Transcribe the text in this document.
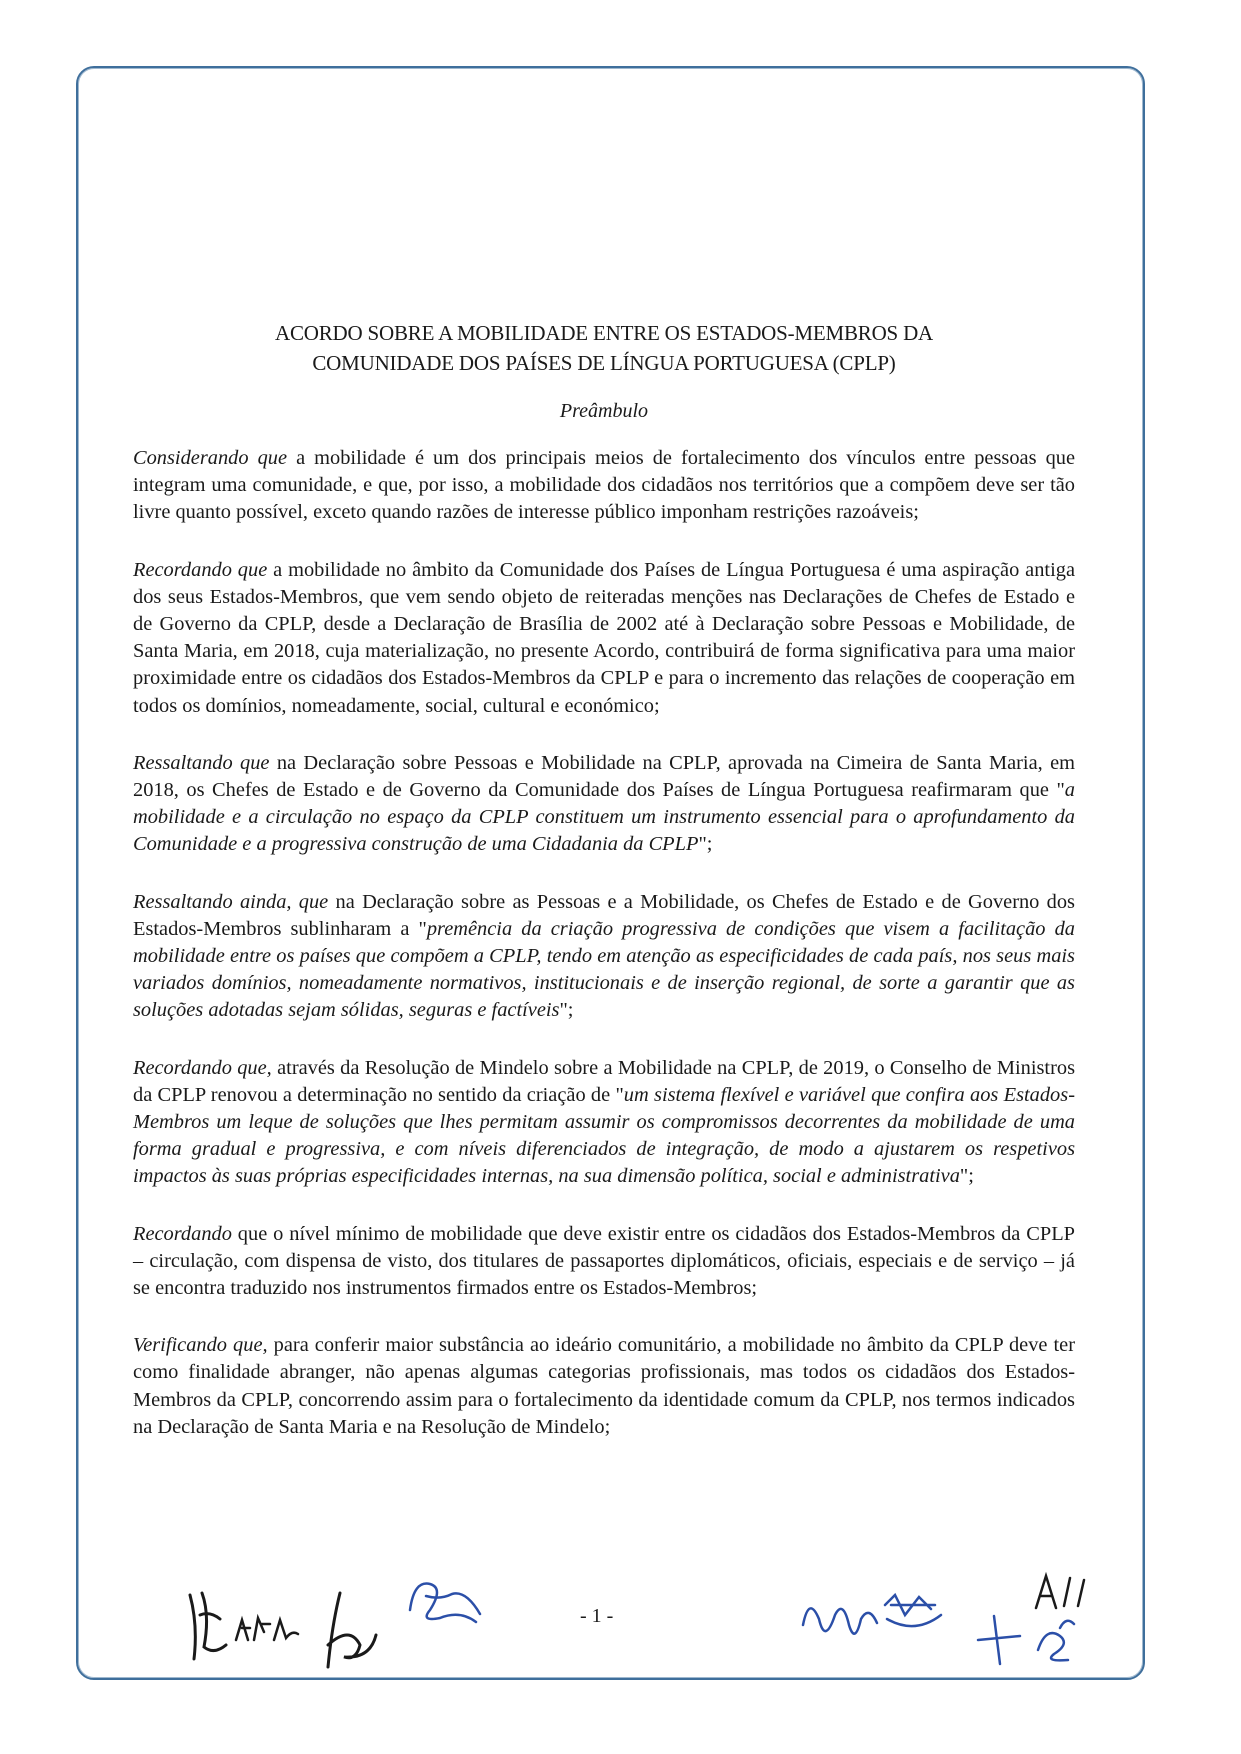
ACORDO SOBRE A MOBILIDADE ENTRE OS ESTADOS-MEMBROS DA
COMUNIDADE DOS PAÍSES DE LÍNGUA PORTUGUESA (CPLP)
Preâmbulo

Considerando que a mobilidade é um dos principais meios de fortalecimento dos vínculos entre pessoas que integram uma comunidade, e que, por isso, a mobilidade dos cidadãos nos territórios que a compõem deve ser tão livre quanto possível, exceto quando razões de interesse público imponham restrições razoáveis;

Recordando que a mobilidade no âmbito da Comunidade dos Países de Língua Portuguesa é uma aspiração antiga dos seus Estados-Membros, que vem sendo objeto de reiteradas menções nas Declarações de Chefes de Estado e de Governo da CPLP, desde a Declaração de Brasília de 2002 até à Declaração sobre Pessoas e Mobilidade, de Santa Maria, em 2018, cuja materialização, no presente Acordo, contribuirá de forma significativa para uma maior proximidade entre os cidadãos dos Estados-Membros da CPLP e para o incremento das relações de cooperação em todos os domínios, nomeadamente, social, cultural e económico;

Ressaltando que na Declaração sobre Pessoas e Mobilidade na CPLP, aprovada na Cimeira de Santa Maria, em 2018, os Chefes de Estado e de Governo da Comunidade dos Países de Língua Portuguesa reafirmaram que "a mobilidade e a circulação no espaço da CPLP constituem um instrumento essencial para o aprofundamento da Comunidade e a progressiva construção de uma Cidadania da CPLP";

Ressaltando ainda, que na Declaração sobre as Pessoas e a Mobilidade, os Chefes de Estado e de Governo dos Estados-Membros sublinharam a "premência da criação progressiva de condições que visem a facilitação da mobilidade entre os países que compõem a CPLP, tendo em atenção as especificidades de cada país, nos seus mais variados domínios, nomeadamente normativos, institucionais e de inserção regional, de sorte a garantir que as soluções adotadas sejam sólidas, seguras e factíveis";

Recordando que, através da Resolução de Mindelo sobre a Mobilidade na CPLP, de 2019, o Conselho de Ministros da CPLP renovou a determinação no sentido da criação de "um sistema flexível e variável que confira aos Estados-Membros um leque de soluções que lhes permitam assumir os compromissos decorrentes da mobilidade de uma forma gradual e progressiva, e com níveis diferenciados de integração, de modo a ajustarem os respetivos impactos às suas próprias especificidades internas, na sua dimensão política, social e administrativa";

Recordando que o nível mínimo de mobilidade que deve existir entre os cidadãos dos Estados-Membros da CPLP – circulação, com dispensa de visto, dos titulares de passaportes diplomáticos, oficiais, especiais e de serviço – já se encontra traduzido nos instrumentos firmados entre os Estados-Membros;

Verificando que, para conferir maior substância ao ideário comunitário, a mobilidade no âmbito da CPLP deve ter como finalidade abranger, não apenas algumas categorias profissionais, mas todos os cidadãos dos Estados-Membros da CPLP, concorrendo assim para o fortalecimento da identidade comum da CPLP, nos termos indicados na Declaração de Santa Maria e na Resolução de Mindelo;

- 1 -
